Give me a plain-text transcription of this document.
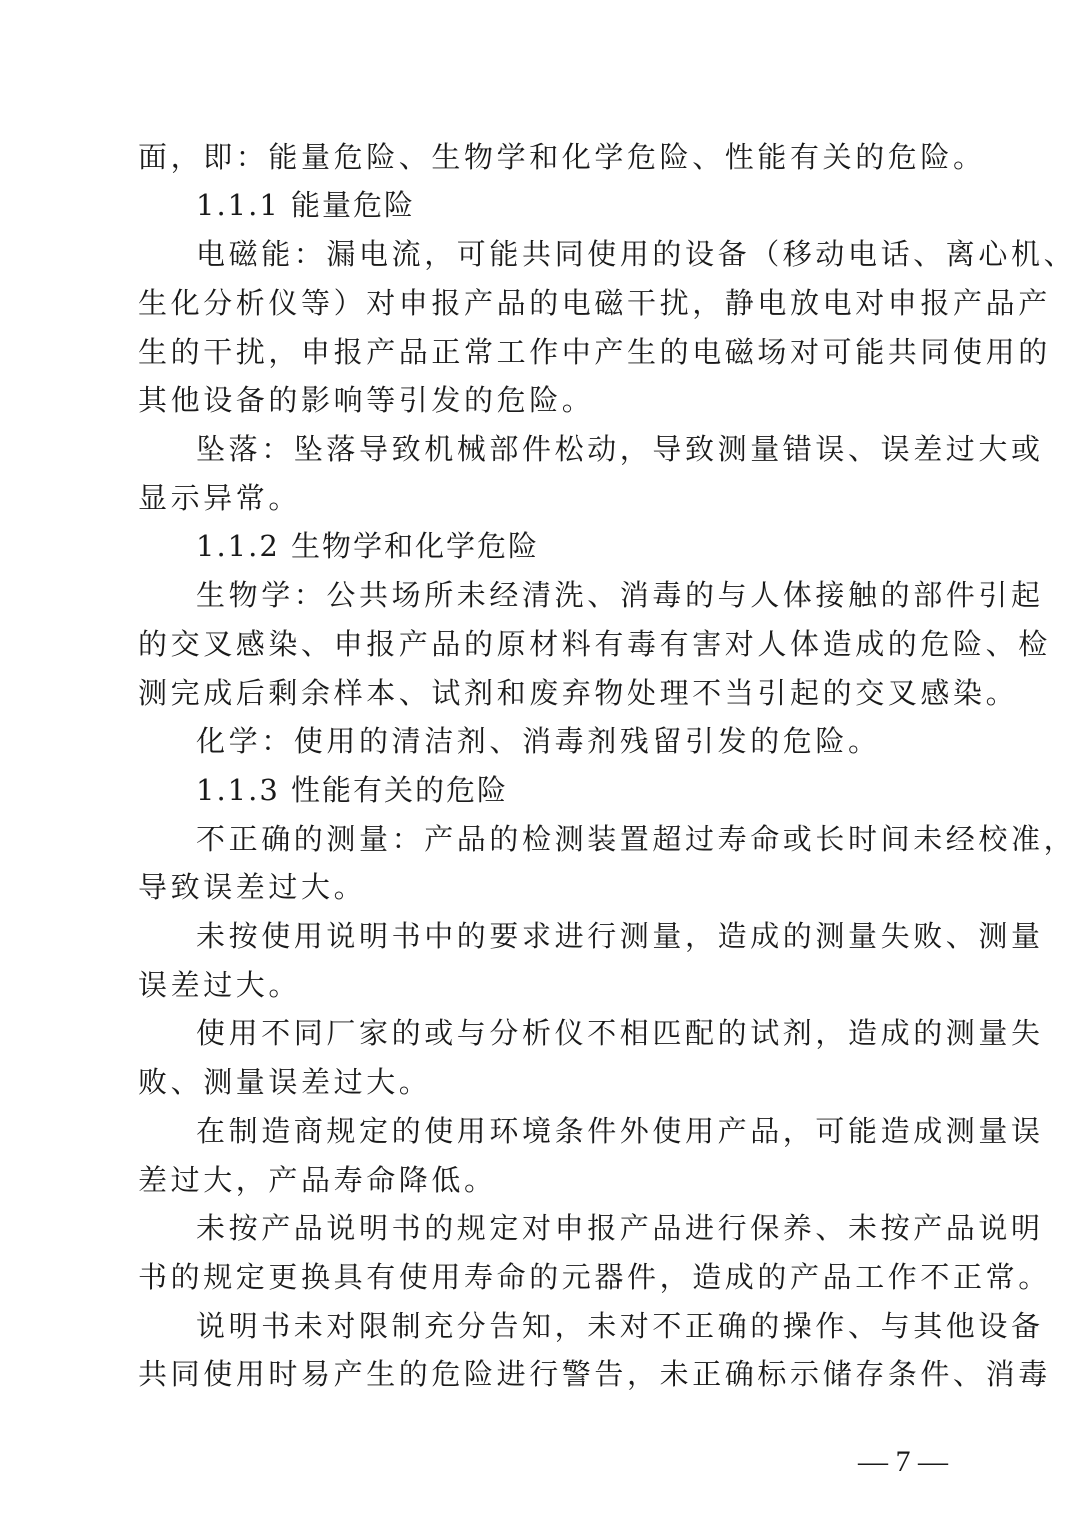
面，即：能量危险、生物学和化学危险、性能有关的危险。
1.1.1 能量危险
电磁能：漏电流，可能共同使用的设备（移动电话、离心机、
生化分析仪等）对申报产品的电磁干扰，静电放电对申报产品产
生的干扰，申报产品正常工作中产生的电磁场对可能共同使用的
其他设备的影响等引发的危险。
坠落：坠落导致机械部件松动，导致测量错误、误差过大或
显示异常。
1.1.2 生物学和化学危险
生物学：公共场所未经清洗、消毒的与人体接触的部件引起
的交叉感染、申报产品的原材料有毒有害对人体造成的危险、检
测完成后剩余样本、试剂和废弃物处理不当引起的交叉感染。
化学：使用的清洁剂、消毒剂残留引发的危险。
1.1.3 性能有关的危险
不正确的测量：产品的检测装置超过寿命或长时间未经校准，
导致误差过大。
未按使用说明书中的要求进行测量，造成的测量失败、测量
误差过大。
使用不同厂家的或与分析仪不相匹配的试剂，造成的测量失
败、测量误差过大。
在制造商规定的使用环境条件外使用产品，可能造成测量误
差过大，产品寿命降低。
未按产品说明书的规定对申报产品进行保养、未按产品说明
书的规定更换具有使用寿命的元器件，造成的产品工作不正常。
说明书未对限制充分告知，未对不正确的操作、与其他设备
共同使用时易产生的危险进行警告，未正确标示储存条件、消毒
— 7 —
